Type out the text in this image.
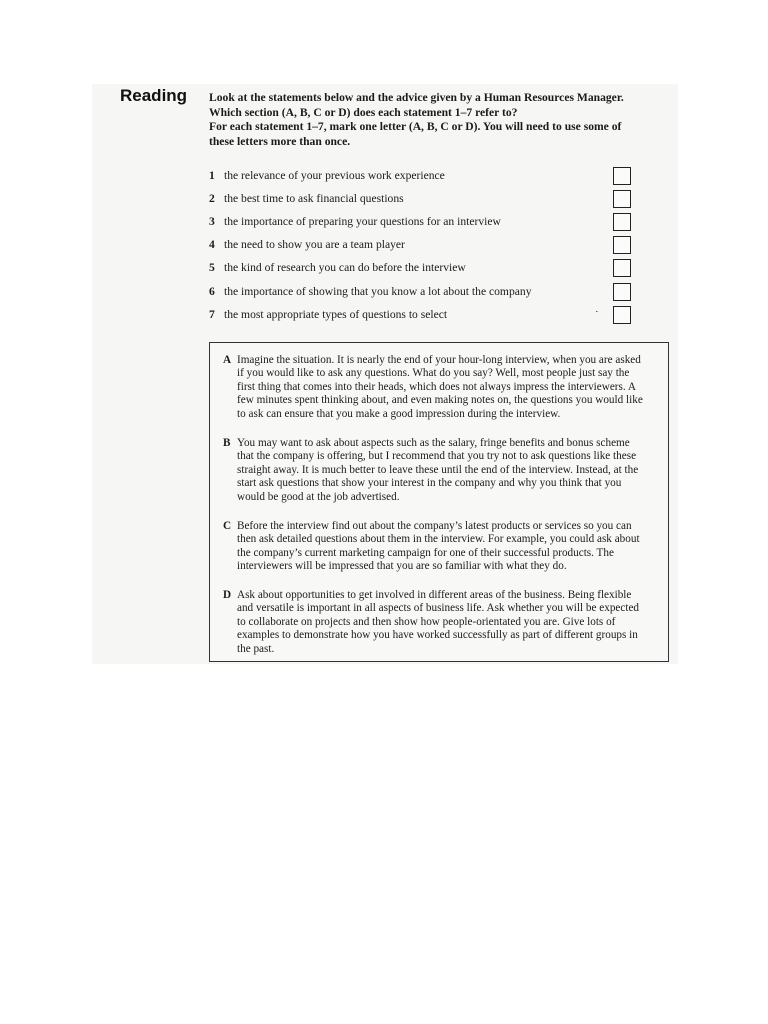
Reading Look at the statements below and the advice given by a Human Resources Manager.

Which section (A, B, C or D) does each statement 1–7 refer to?

For each statement 1–7, mark one letter (A, B, C or D). You will need to use some of these letters more than once.

1 the relevance of your previous work experience
2 the best time to ask financial questions
3 the importance of preparing your questions for an interview
4 the need to show you are a team player
5 the kind of research you can do before the interview
6 the importance of showing that you know a lot about the company
7 the most appropriate types of questions to select	˙
A Imagine the situation. It is nearly the end of your hour-long interview, when you are asked if you would like to ask any questions. What do you say? Well, most people just say the first thing that comes into their heads, which does not always impress the interviewers. A few minutes spent thinking about, and even making notes on, the questions you would like to ask can ensure that you make a good impression during the interview.
B You may want to ask about aspects such as the salary, fringe benefits and bonus scheme that the company is offering, but I recommend that you try not to ask questions like these straight away. It is much better to leave these until the end of the interview. Instead, at the start ask questions that show your interest in the company and why you think that you would be good at the job advertised.
C Before the interview find out about the company’s latest products or services so you can then ask detailed questions about them in the interview. For example, you could ask about the company’s current marketing campaign for one of their successful products. The interviewers will be impressed that you are so familiar with what they do.
D Ask about opportunities to get involved in different areas of the business. Being flexible and versatile is important in all aspects of business life. Ask whether you will be expected to collaborate on projects and then show how people-orientated you are. Give lots of examples to demonstrate how you have worked successfully as part of different groups in the past.
